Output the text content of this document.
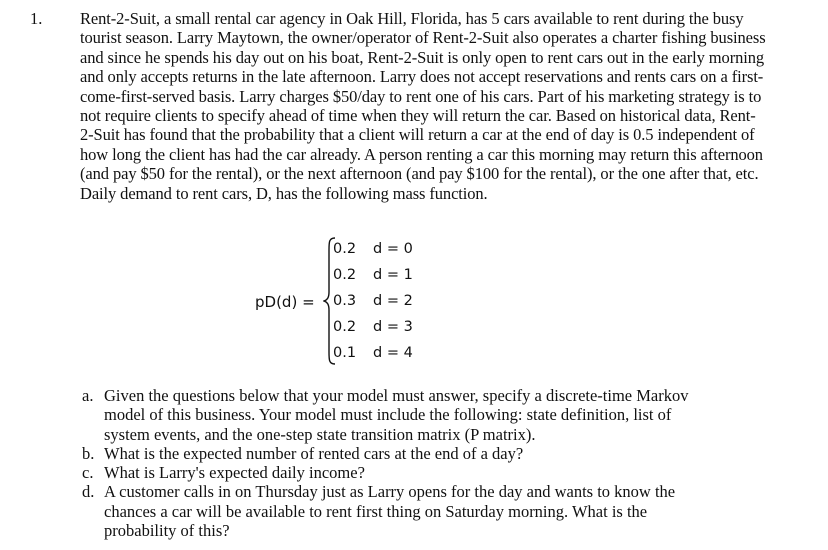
1. Rent-2-Suit, a small rental car agency in Oak Hill, Florida, has 5 cars available to rent during the busy
tourist season. Larry Maytown, the owner/operator of Rent-2-Suit also operates a charter fishing business
and since he spends his day out on his boat, Rent-2-Suit is only open to rent cars out in the early morning
and only accepts returns in the late afternoon. Larry does not accept reservations and rents cars on a first-
come-first-served basis. Larry charges $50/day to rent one of his cars. Part of his marketing strategy is to
not require clients to specify ahead of time when they will return the car. Based on historical data, Rent-
2-Suit has found that the probability that a client will return a car at the end of day is 0.5 independent of
how long the client has had the car already. A person renting a car this morning may return this afternoon
(and pay $50 for the rental), or the next afternoon (and pay $100 for the rental), or the one after that, etc.
Daily demand to rent cars, D, has the following mass function.
pD(d) =
0.2 d = 0
0.2 d = 1
0.3 d = 2
0.2 d = 3
0.1 d = 4
a. Given the questions below that your model must answer, specify a discrete-time Markov
model of this business. Your model must include the following: state definition, list of
system events, and the one-step state transition matrix (P matrix).
b. What is the expected number of rented cars at the end of a day?
c. What is Larry's expected daily income?
d. A customer calls in on Thursday just as Larry opens for the day and wants to know the
chances a car will be available to rent first thing on Saturday morning. What is the
probability of this?
